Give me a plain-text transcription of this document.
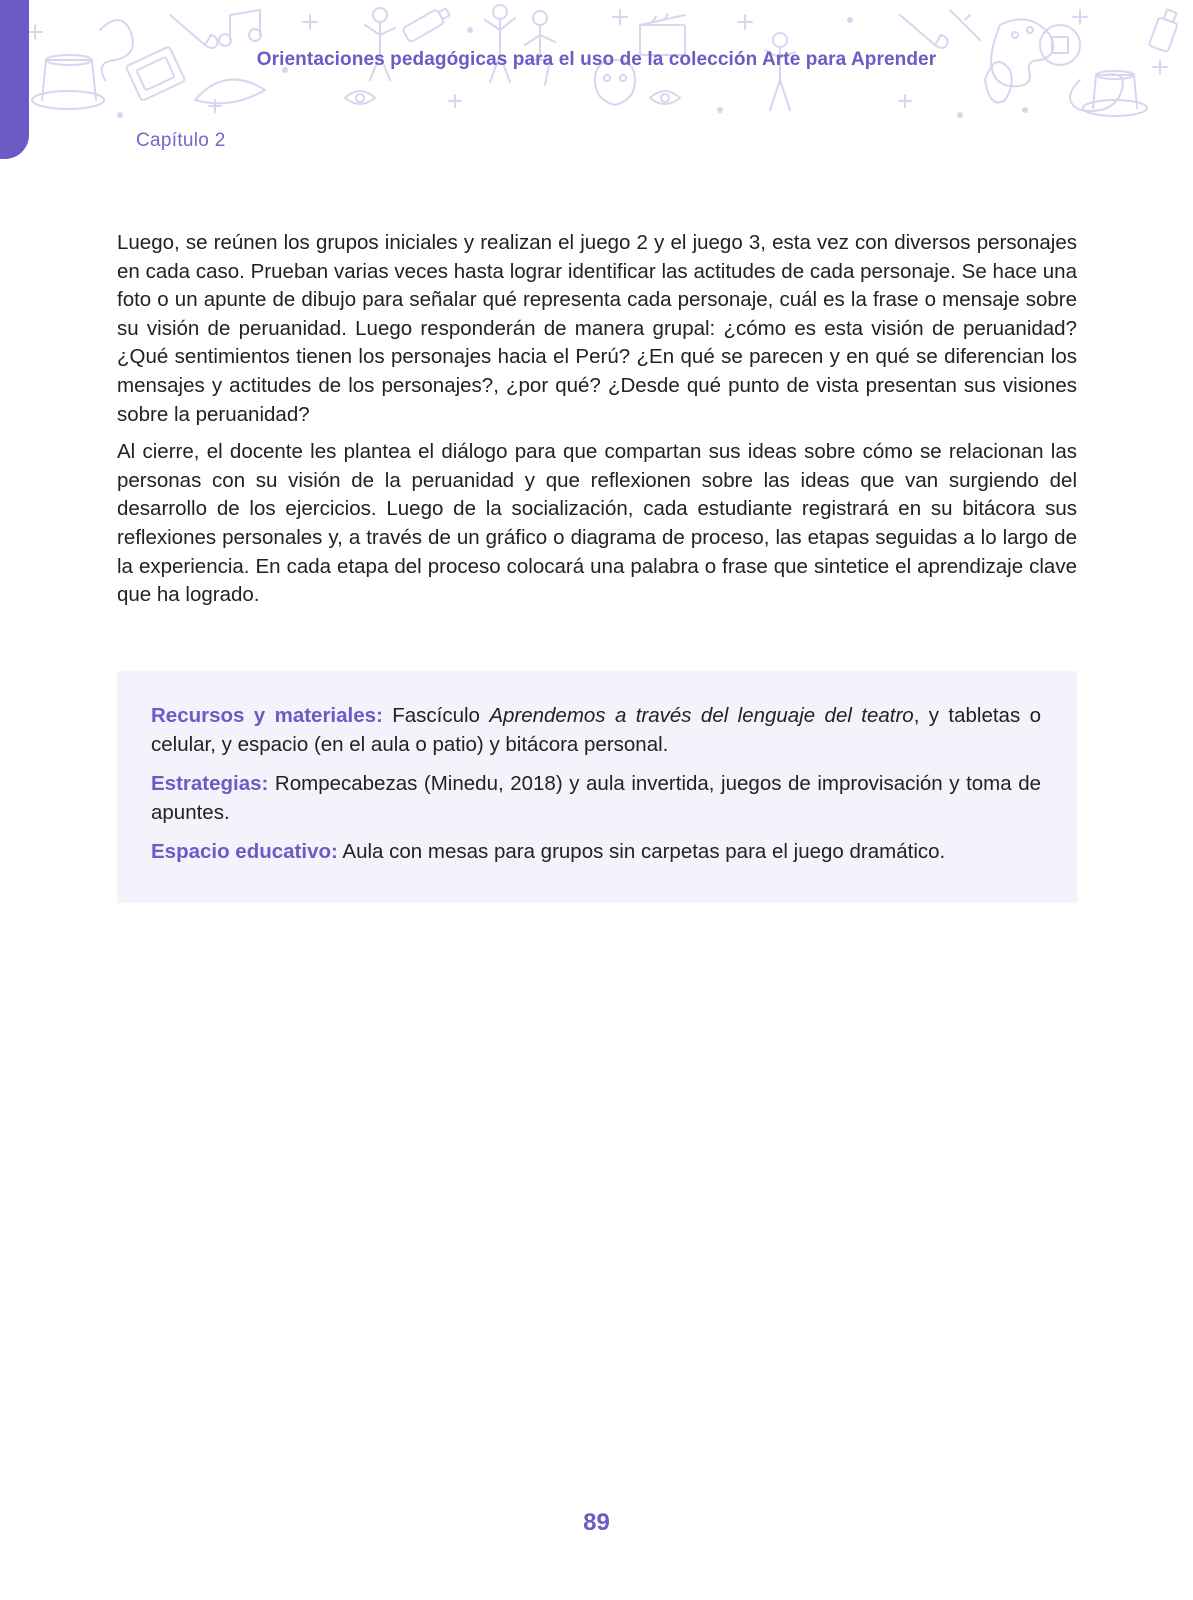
Orientaciones pedagógicas para el uso de la colección Arte para Aprender
Capítulo 2

Luego, se reúnen los grupos iniciales y realizan el juego 2 y el juego 3, esta vez con diversos personajes en cada caso. Prueban varias veces hasta lograr identificar las actitudes de cada personaje. Se hace una foto o un apunte de dibujo para señalar qué representa cada personaje, cuál es la frase o mensaje sobre su visión de peruanidad. Luego responderán de manera grupal: ¿cómo es esta visión de peruanidad? ¿Qué sentimientos tienen los personajes hacia el Perú? ¿En qué se parecen y en qué se diferencian los mensajes y actitudes de los personajes?, ¿por qué? ¿Desde qué punto de vista presentan sus visiones sobre la peruanidad?

Al cierre, el docente les plantea el diálogo para que compartan sus ideas sobre cómo se relacionan las personas con su visión de la peruanidad y que reflexionen sobre las ideas que van surgiendo del desarrollo de los ejercicios. Luego de la socialización, cada estudiante registrará en su bitácora sus reflexiones personales y, a través de un gráfico o diagrama de proceso, las etapas seguidas a lo largo de la experiencia. En cada etapa del proceso colocará una palabra o frase que sintetice el aprendizaje clave que ha logrado.

Recursos y materiales: Fascículo Aprendemos a través del lenguaje del teatro, y tabletas o celular, y espacio (en el aula o patio) y bitácora personal.

Estrategias: Rompecabezas (Minedu, 2018) y aula invertida, juegos de improvisación y toma de apuntes.

Espacio educativo: Aula con mesas para grupos sin carpetas para el juego dramático.

89
